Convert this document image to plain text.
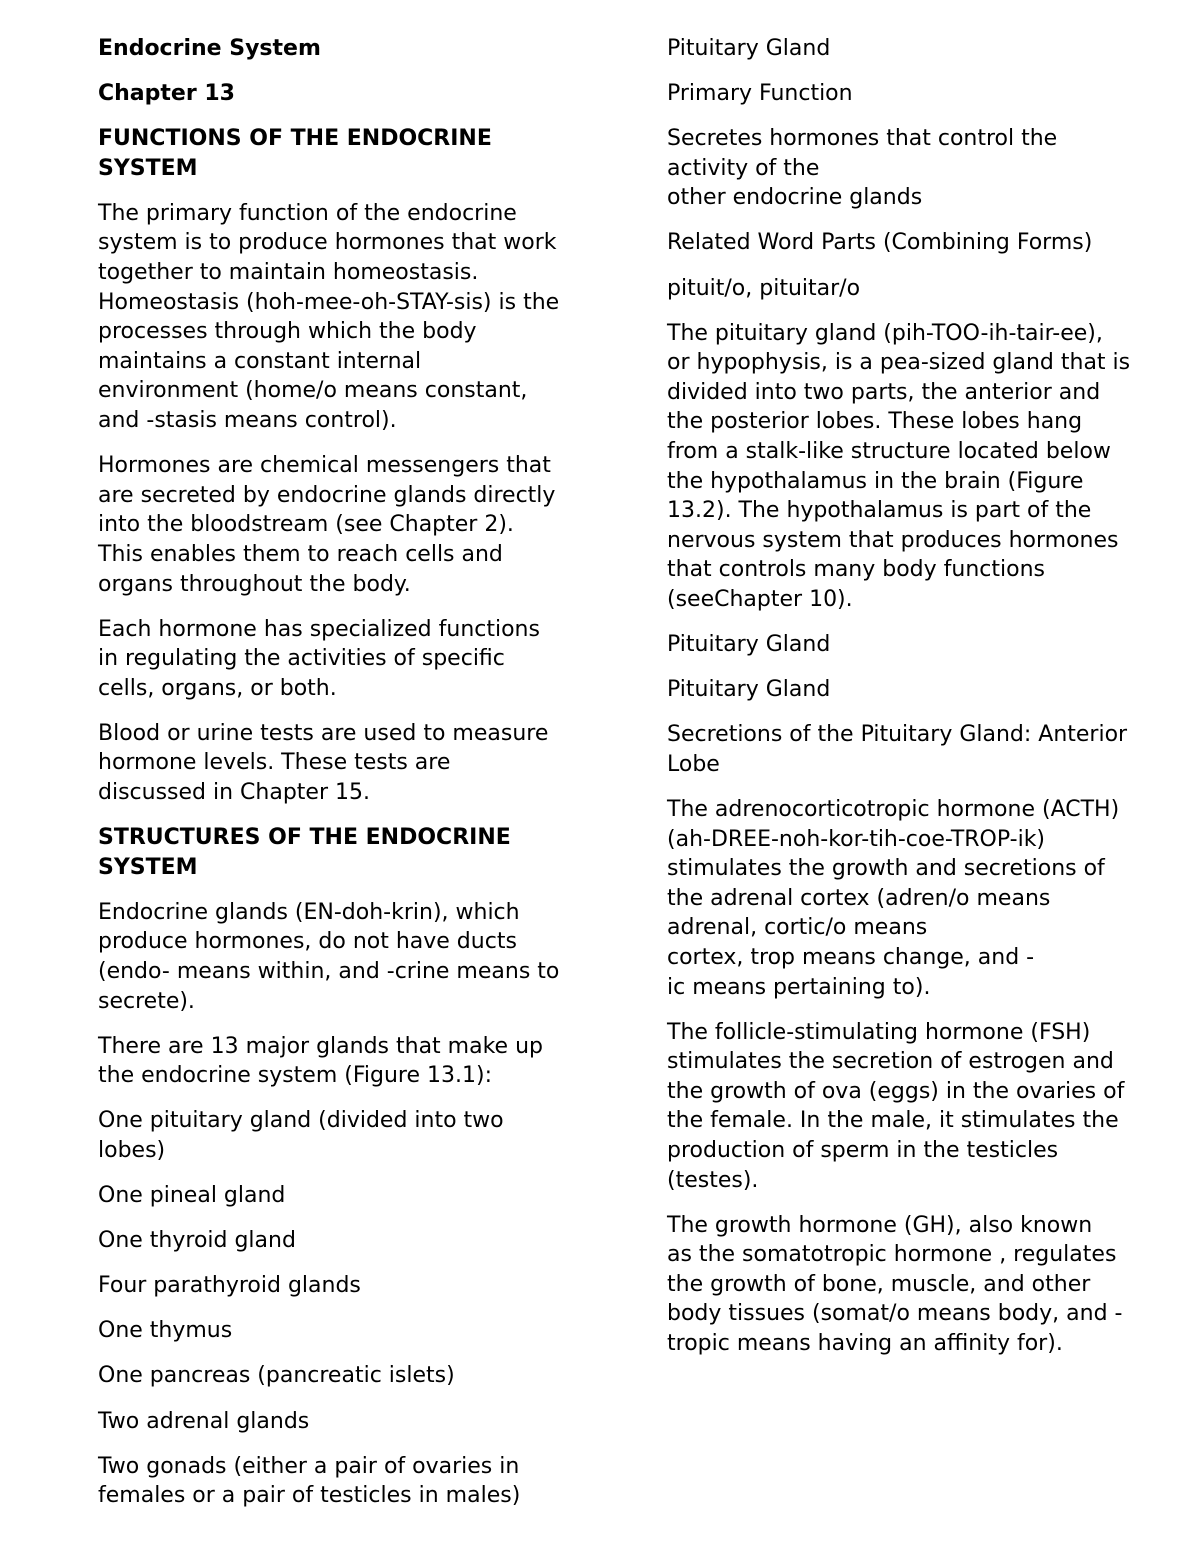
Endocrine System

Chapter 13

FUNCTIONS OF THE ENDOCRINE
SYSTEM

The primary function of the endocrine
system is to produce hormones that work
together to maintain homeostasis.
Homeostasis (hoh-mee-oh-STAY-sis) is the
processes through which the body
maintains a constant internal
environment (home/o means constant,
and -stasis means control).

Hormones are chemical messengers that
are secreted by endocrine glands directly
into the bloodstream (see Chapter 2).
This enables them to reach cells and
organs throughout the body.

Each hormone has specialized functions
in regulating the activities of specific
cells, organs, or both.

Blood or urine tests are used to measure
hormone levels. These tests are
discussed in Chapter 15.

STRUCTURES OF THE ENDOCRINE
SYSTEM

Endocrine glands (EN-doh-krin), which
produce hormones, do not have ducts
(endo- means within, and -crine means to
secrete).

There are 13 major glands that make up
the endocrine system (Figure 13.1):

One pituitary gland (divided into two
lobes)

One pineal gland

One thyroid gland

Four parathyroid glands

One thymus

One pancreas (pancreatic islets)

Two adrenal glands

Two gonads (either a pair of ovaries in
females or a pair of testicles in males)

Pituitary Gland

Primary Function

Secretes hormones that control the
activity of the
other endocrine glands

Related Word Parts (Combining Forms)

pituit/o, pituitar/o

The pituitary gland (pih-TOO-ih-tair-ee),
or hypophysis, is a pea-sized gland that is
divided into two parts, the anterior and
the posterior lobes. These lobes hang
from a stalk-like structure located below
the hypothalamus in the brain (Figure
13.2). The hypothalamus is part of the
nervous system that produces hormones
that controls many body functions
(seeChapter 10).

Pituitary Gland

Pituitary Gland

Secretions of the Pituitary Gland: Anterior
Lobe

The adrenocorticotropic hormone (ACTH)
(ah-DREE-noh-kor-tih-coe-TROP-ik)
stimulates the growth and secretions of
the adrenal cortex (adren/o means
adrenal, cortic/o means
cortex, trop means change, and -
ic means pertaining to).

The follicle-stimulating hormone (FSH)
stimulates the secretion of estrogen and
the growth of ova (eggs) in the ovaries of
the female. In the male, it stimulates the
production of sperm in the testicles
(testes).

The growth hormone (GH), also known
as the somatotropic hormone , regulates
the growth of bone, muscle, and other
body tissues (somat/o means body, and -
tropic means having an affinity for).
